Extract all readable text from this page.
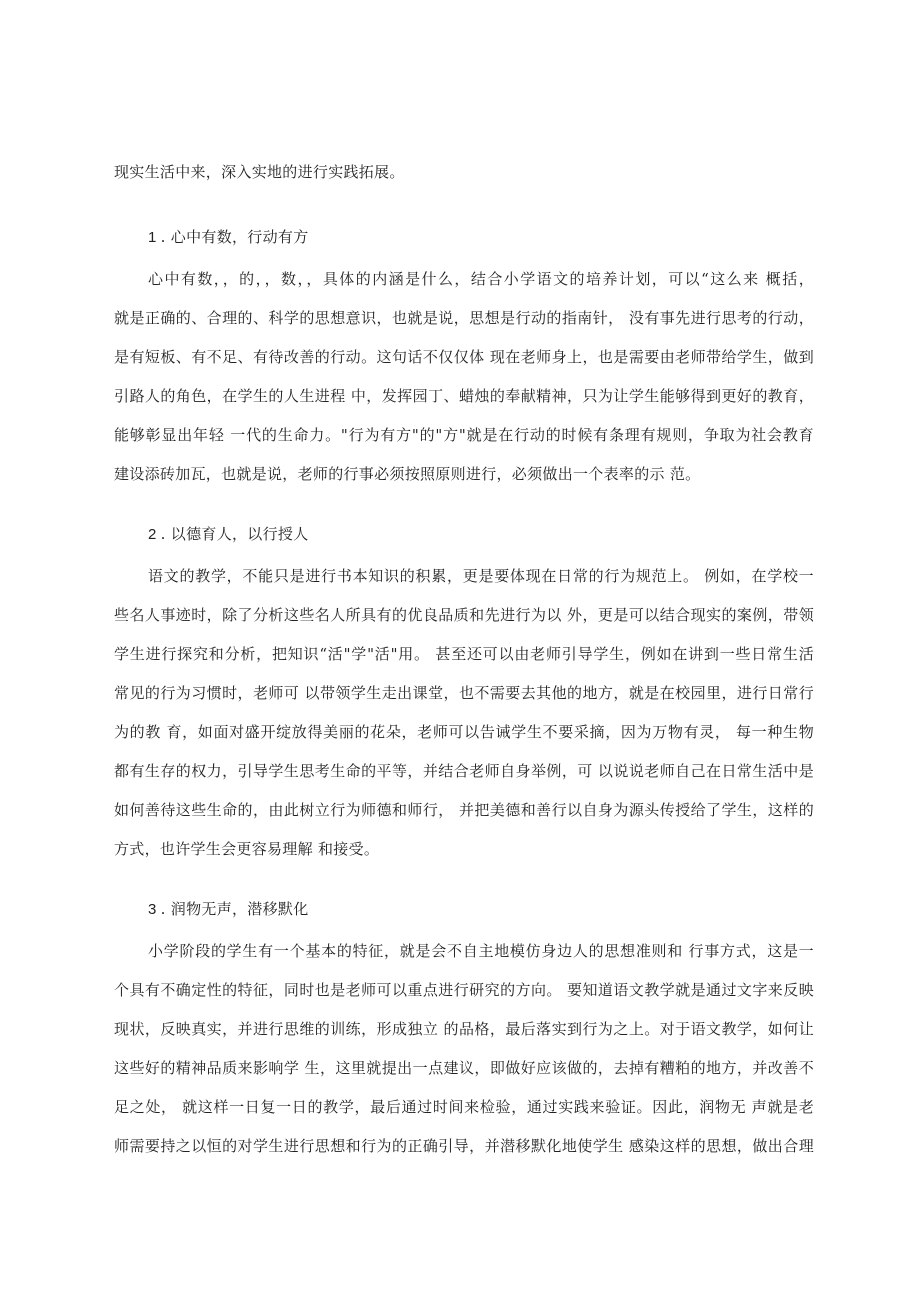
现实生活中来，深入实地的进行实践拓展。
1 . 心中有数，行动有方
心中有数，，的，，数，，具体的内涵是什么，结合小学语文的培养计划，可以“这么来 概括，
就是正确的、合理的、科学的思想意识，也就是说，思想是行动的指南针， 没有事先进行思考的行动，
是有短板、有不足、有待改善的行动。这句话不仅仅体 现在老师身上，也是需要由老师带给学生，做到
引路人的角色，在学生的人生进程 中，发挥园丁、蜡烛的奉献精神，只为让学生能够得到更好的教育，
能够彰显出年轻 一代的生命力。"行为有方"的"方"就是在行动的时候有条理有规则，争取为社会教育
建设添砖加瓦，也就是说，老师的行事必须按照原则进行，必须做出一个表率的示 范。
2 . 以德育人，以行授人
语文的教学，不能只是进行书本知识的积累，更是要体现在日常的行为规范上。 例如，在学校一
些名人事迹时，除了分析这些名人所具有的优良品质和先进行为以 外，更是可以结合现实的案例，带领
学生进行探究和分析，把知识“活"学"活"用。 甚至还可以由老师引导学生，例如在讲到一些日常生活
常见的行为习惯时，老师可 以带领学生走出课堂，也不需要去其他的地方，就是在校园里，进行日常行
为的教 育，如面对盛开绽放得美丽的花朵，老师可以告诫学生不要采摘，因为万物有灵， 每一种生物
都有生存的权力，引导学生思考生命的平等，并结合老师自身举例，可 以说说老师自己在日常生活中是
如何善待这些生命的，由此树立行为师德和师行， 并把美德和善行以自身为源头传授给了学生，这样的
方式，也许学生会更容易理解 和接受。
3 . 润物无声，潜移默化
小学阶段的学生有一个基本的特征，就是会不自主地模仿身边人的思想准则和 行事方式，这是一
个具有不确定性的特征，同时也是老师可以重点进行研究的方向。 要知道语文教学就是通过文字来反映
现状，反映真实，并进行思维的训练，形成独立 的品格，最后落实到行为之上。对于语文教学，如何让
这些好的精神品质来影响学 生，这里就提出一点建议，即做好应该做的，去掉有糟粕的地方，并改善不
足之处， 就这样一日复一日的教学，最后通过时间来检验，通过实践来验证。因此，润物无 声就是老
师需要持之以恒的对学生进行思想和行为的正确引导，并潜移默化地使学生 感染这样的思想，做出合理
